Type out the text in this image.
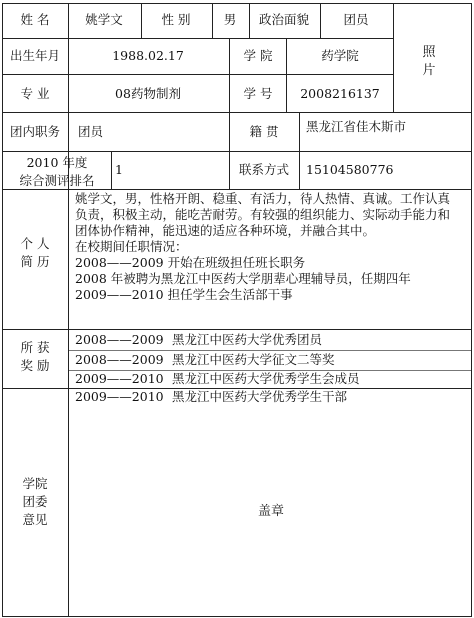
姓 名	姚学文	性 别	男 政治面貌	团员
出生年月	1988.02.17	学 院	药学院	照
片
专 业	08药物制剂	学 号 2008216137
团内职务 团员	籍 贯 黑龙江省佳木斯市
2010 年度
综合测评排名
1	联系方式 15104580776
个 人
简 历
姚学文，男，性格开朗、稳重、有活力，待人热情、真诚。工作认真
负责，积极主动，能吃苦耐劳。有较强的组织能力、实际动手能力和
团体协作精神，能迅速的适应各种环境，并融合其中。
在校期间任职情况：
2008——2009 开始在班级担任班长职务
2008 年被聘为黑龙江中医药大学朋辈心理辅导员，任期四年
2009——2010 担任学生会生活部干事
所 获
奖 励
2008——2009 黑龙江中医药大学优秀团员
2008——2009 黑龙江中医药大学征文二等奖
2009——2010 黑龙江中医药大学优秀学生会成员
2009——2010 黑龙江中医药大学优秀学生干部
学院
团委
意见
盖章
